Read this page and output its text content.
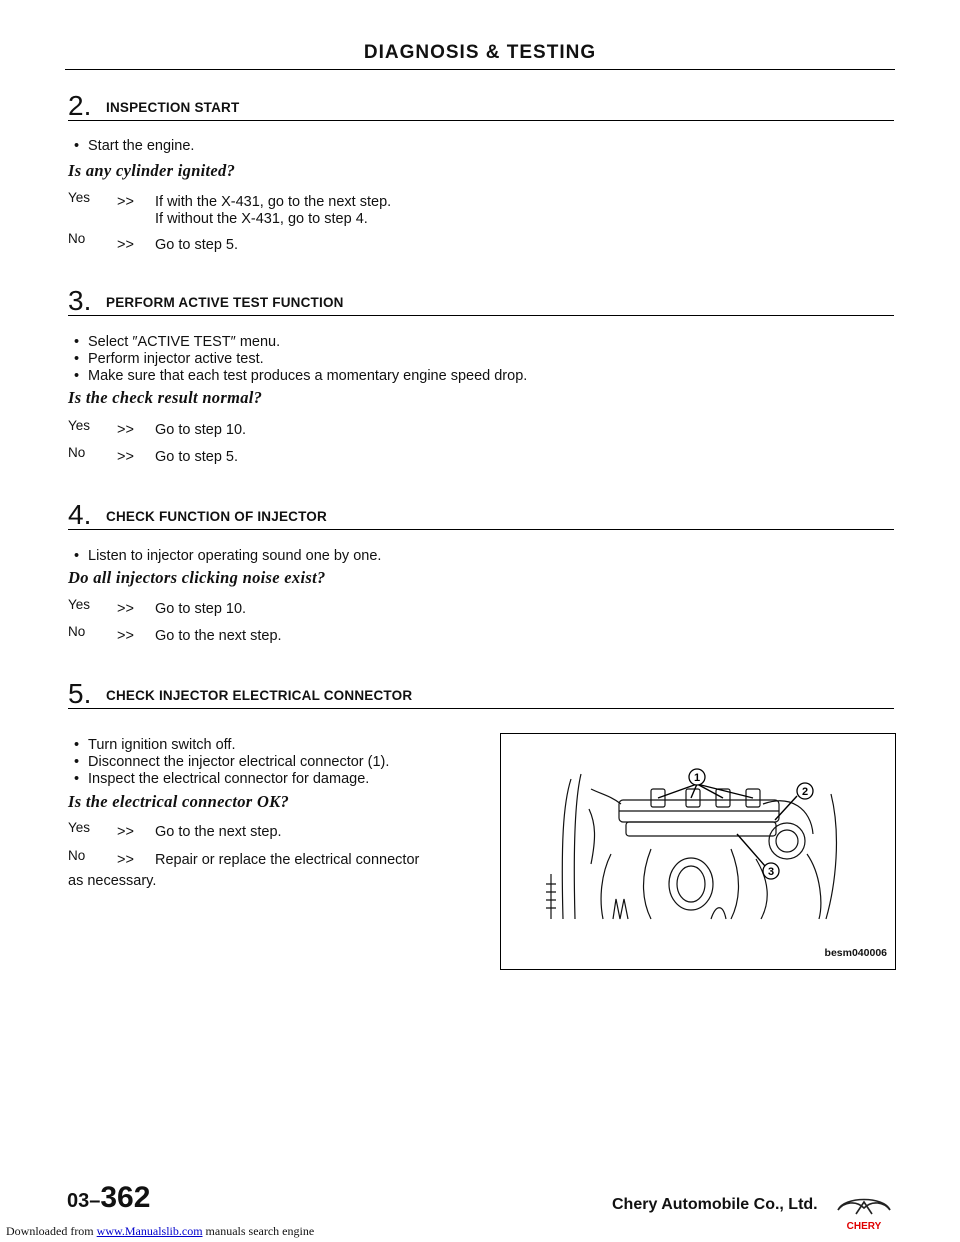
DIAGNOSIS & TESTING
2. INSPECTION START
• Start the engine.
Is any cylinder ignited?
Yes >> If with the X-431, go to the next step.
If without the X-431, go to step 4.
No >> Go to step 5.
3. PERFORM ACTIVE TEST FUNCTION
• Select ″ACTIVE TEST″ menu.
• Perform injector active test.
• Make sure that each test produces a momentary engine speed drop.
Is the check result normal?
Yes >> Go to step 10.
No >> Go to step 5.
4. CHECK FUNCTION OF INJECTOR
• Listen to injector operating sound one by one.
Do all injectors clicking noise exist?
Yes >> Go to step 10.
No >> Go to the next step.
5. CHECK INJECTOR ELECTRICAL CONNECTOR
• Turn ignition switch off.
• Disconnect the injector electrical connector (1).
• Inspect the electrical connector for damage.
Is the electrical connector OK?
Yes >> Go to the next step.
No >> Repair or replace the electrical connector
as necessary.
1
2
3
besm040006
03–362	Chery Automobile Co., Ltd.
CHERY
Downloaded from www.Manualslib.com manuals search engine
